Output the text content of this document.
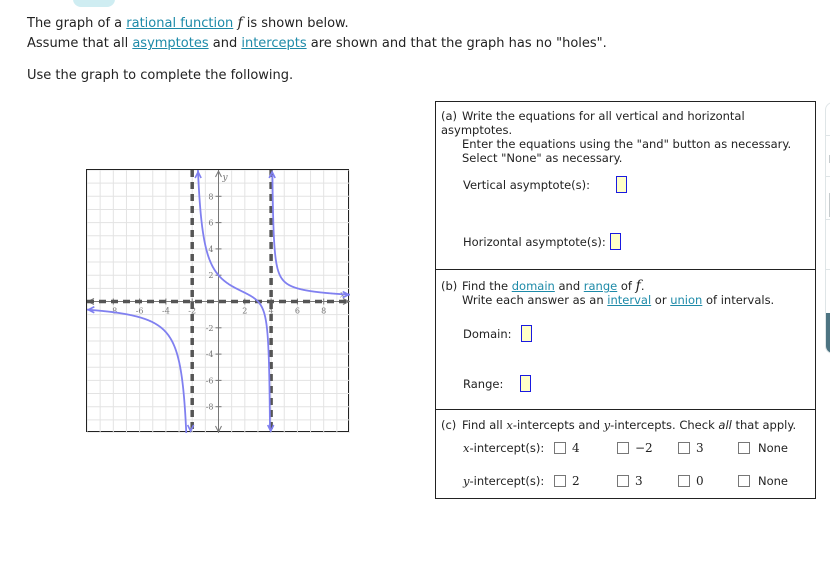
The graph of a rational function f is shown below.

Assume that all asymptotes and intercepts are shown and that the graph has no "holes".

Use the graph to complete the following.

-8 -6 -4 -2	2	4	6	8
-8
-6
-4
-2
2
4
6
8
x
y
(a) Write the equations for all vertical and horizontal asymptotes.
Enter the equations using the "and" button as necessary.
Select "None" as necessary.
Vertical asymptote(s):
Horizontal asymptote(s):
(b) Find the domain and range of f.
Write each answer as an interval or union of intervals.
Domain:
Range:
(c) Find all x-intercepts and y-intercepts. Check all that apply.
x -intercept(s): 4	−2	3	None
y -intercept(s): 2	3	0	None
